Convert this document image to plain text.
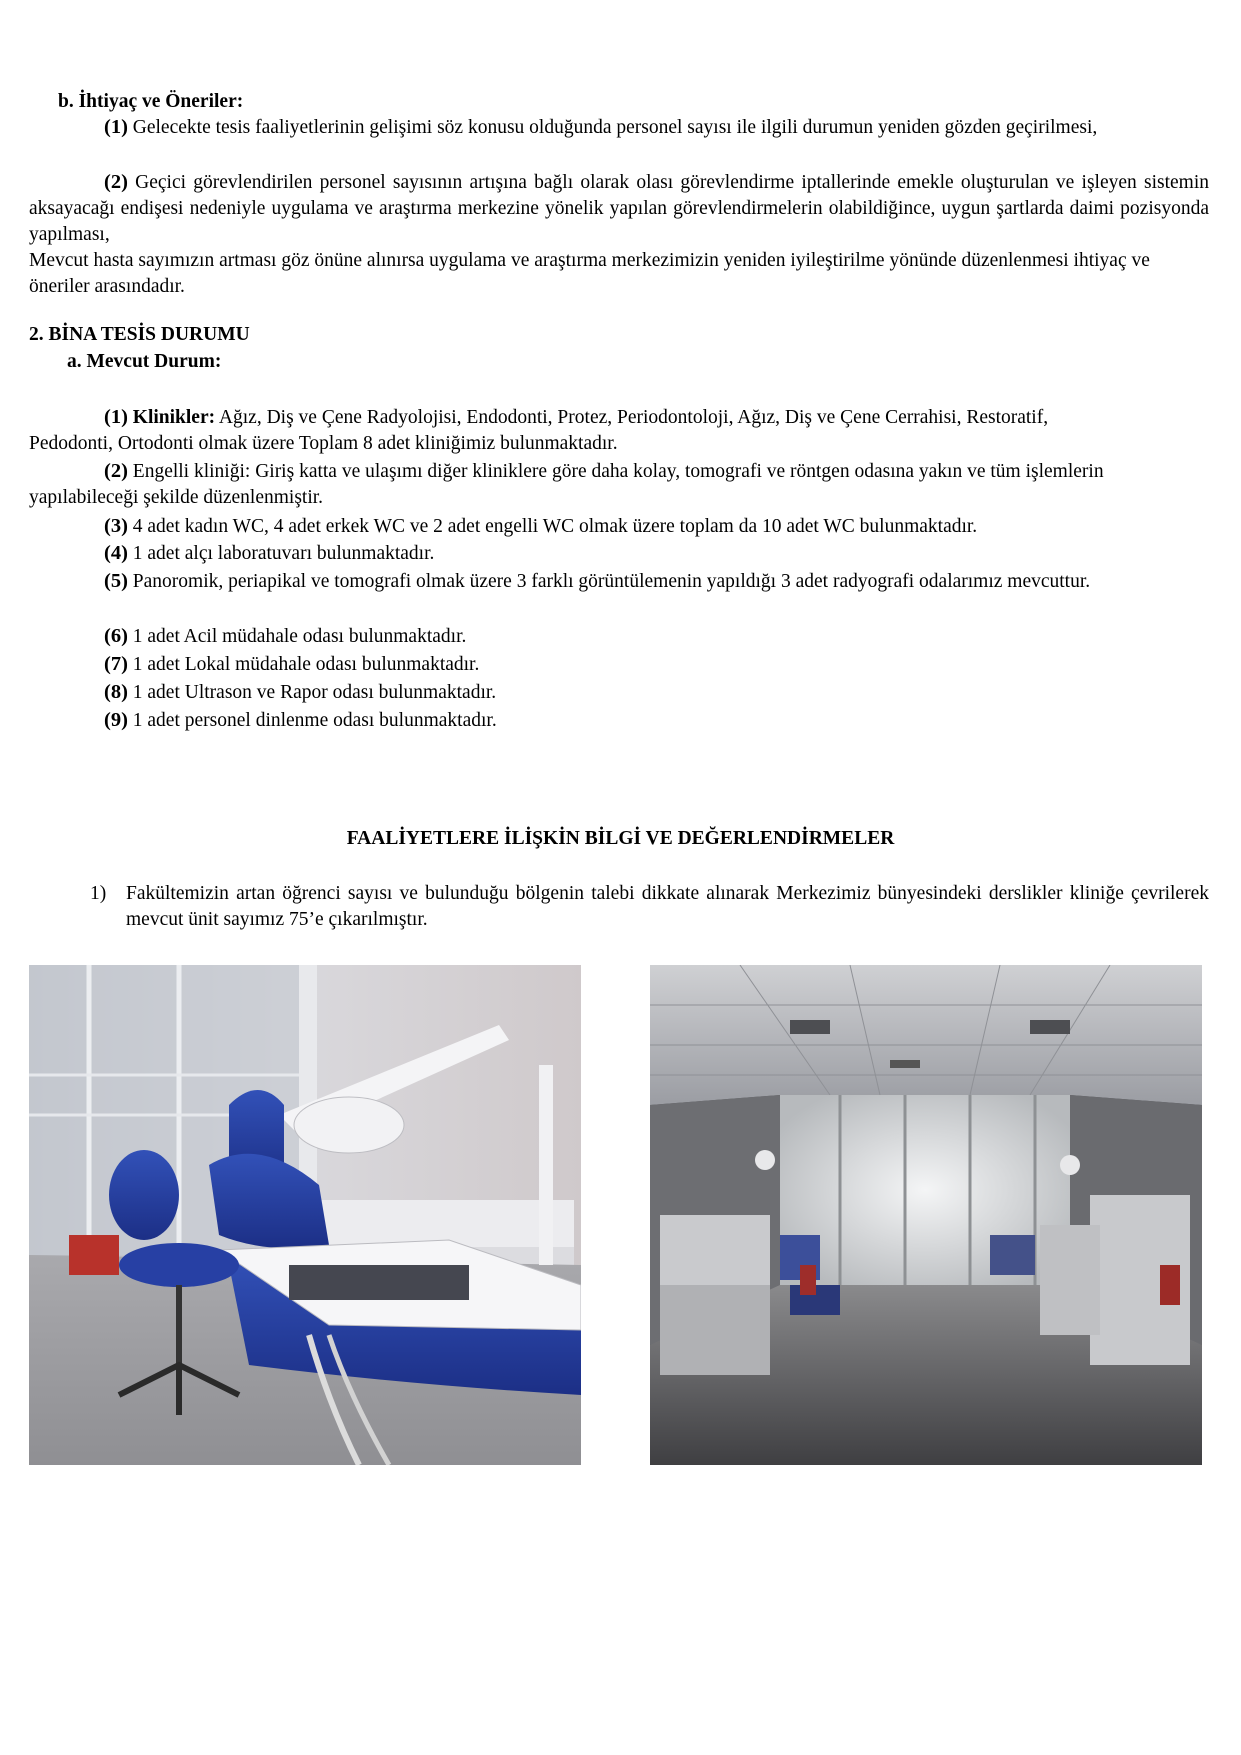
b. İhtiyaç ve Öneriler:

(1) Gelecekte tesis faaliyetlerinin gelişimi söz konusu olduğunda personel sayısı ile ilgili durumun yeniden gözden geçirilmesi,

(2) Geçici görevlendirilen personel sayısının artışına bağlı olarak olası görevlendirme iptallerinde emekle oluşturulan ve işleyen sistemin aksayacağı endişesi nedeniyle uygulama ve araştırma merkezine yönelik yapılan görevlendirmelerin olabildiğince, uygun şartlarda daimi pozisyonda yapılması,

Mevcut hasta sayımızın artması göz önüne alınırsa uygulama ve araştırma merkezimizin yeniden iyileştirilme yönünde düzenlenmesi ihtiyaç ve öneriler arasındadır.
2. BİNA TESİS DURUMU
a. Mevcut Durum:

(1) Klinikler: Ağız, Diş ve Çene Radyolojisi, Endodonti, Protez, Periodontoloji, Ağız, Diş ve Çene Cerrahisi, Restoratif, Pedodonti, Ortodonti olmak üzere Toplam 8 adet kliniğimiz bulunmaktadır.

(2) Engelli kliniği: Giriş katta ve ulaşımı diğer kliniklere göre daha kolay, tomografi ve röntgen odasına yakın ve tüm işlemlerin yapılabileceği şekilde düzenlenmiştir.

(3) 4 adet kadın WC, 4 adet erkek WC ve 2 adet engelli WC olmak üzere toplam da 10 adet WC bulunmaktadır.

(4) 1 adet alçı laboratuvarı bulunmaktadır.

(5) Panoromik, periapikal ve tomografi olmak üzere 3 farklı görüntülemenin yapıldığı 3 adet radyografi odalarımız mevcuttur.

(6) 1 adet Acil müdahale odası bulunmaktadır.

(7) 1 adet Lokal müdahale odası bulunmaktadır.

(8) 1 adet Ultrason ve Rapor odası bulunmaktadır.

(9) 1 adet personel dinlenme odası bulunmaktadır.

FAALİYETLERE İLİŞKİN BİLGİ VE DEĞERLENDİRMELER
1) Fakültemizin artan öğrenci sayısı ve bulunduğu bölgenin talebi dikkate alınarak Merkezimiz bünyesindeki derslikler kliniğe çevrilerek mevcut ünit sayımız 75’e çıkarılmıştır.
